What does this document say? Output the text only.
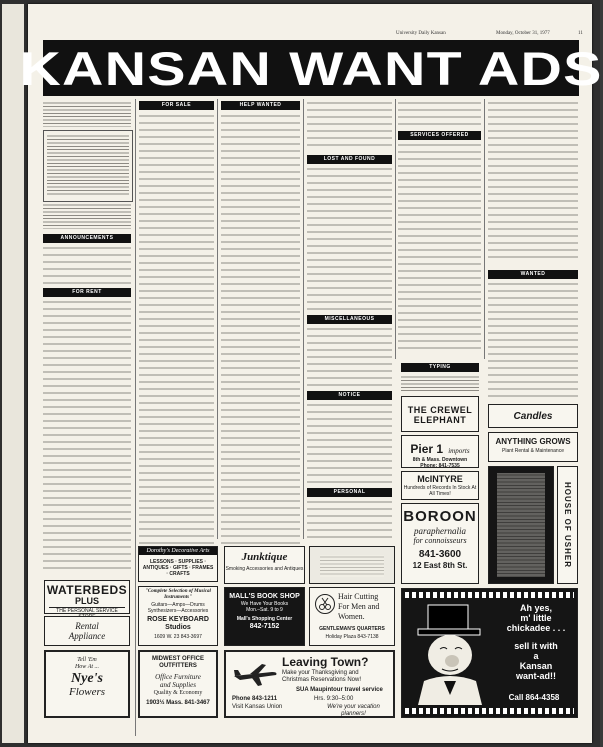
University Daily Kansan	Monday, October 31, 1977	11
KANSAN WANT ADS
ANNOUNCEMENTS
FOR RENT
WATERBEDS
PLUS
THE PERSONAL SERVICE
Rental
Appliance
Tell 'Em
How At ...
Nye's
Flowers
FOR SALE	HELP WANTED
LOST AND FOUND
MISCELLANEOUS
NOTICE
PERSONAL
SERVICES OFFERED
TYPING
WANTED
THE CREWEL
ELEPHANT
Pier 1 imports
8th & Mass. Downtown
Phone: 841-7535
McINTYRE
Hundreds of Records In Stock At All Times!
BOROON
paraphernalia
for connoisseurs
841-3600
12 East 8th St.
Candles
ANYTHING GROWS
Plant Rental & Maintenance
HOUSE OF USHER
Dorothy's Decorative Arts
LESSONS · SUPPLIES · ANTIQUES · GIFTS · FRAMES · CRAFTS
"Complete Selection of Musical Instruments"
Guitars—Amps—Drums Synthesizers—Accessories
ROSE KEYBOARD
Studios
1609 W. 23 843-3697
Junktique
Smoking Accessories and Antiques
MALL'S BOOK SHOP
We Have Your Books
Mon.–Sat. 9 to 9
Mall's Shopping Center
842-7152
Hair Cutting
For Men and
Women.
GENTLEMAN'S QUARTERS
Holiday Plaza 843-7138
MIDWEST OFFICE
OUTFITTERS
Office Furniture
and Supplies
Quality & Economy
1903½ Mass. 841-3467
Leaving Town?
Make your Thanksgiving and
Christmas Reservations Now!
SUA Maupintour travel service
Phone 843-1211
Visit Kansas Union
Hrs. 9:30–5:00
We're your vacation planners!
Ah yes,
m' little
chickadee . . .
sell it with
a
Kansan
want-ad!!
Call 864-4358
